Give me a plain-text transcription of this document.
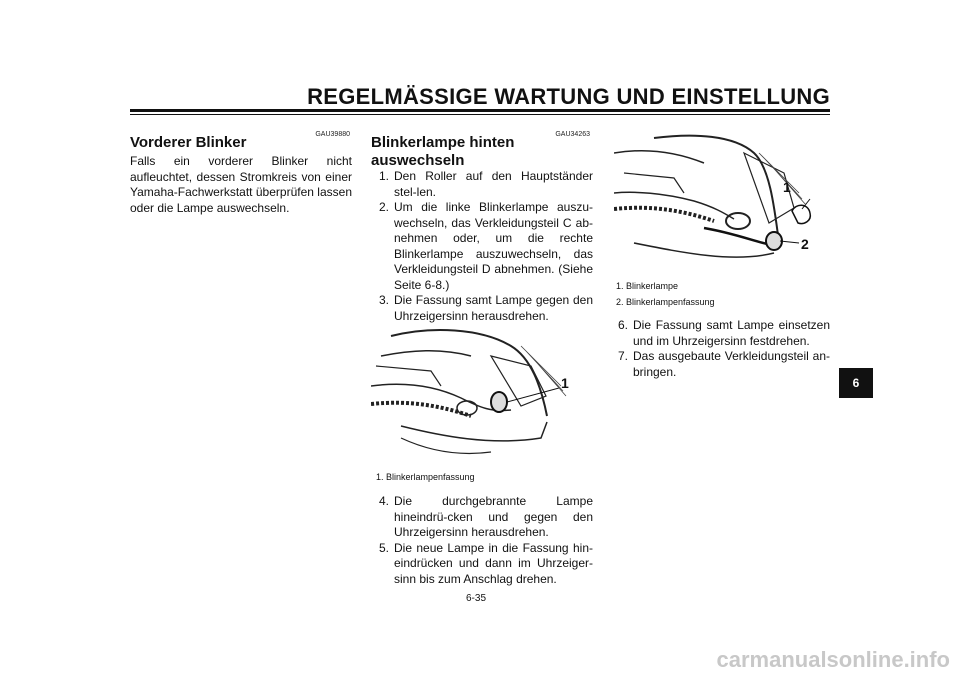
REGELMÄSSIGE WARTUNG UND EINSTELLUNG
GAU39880
Vorderer Blinker
Falls ein vorderer Blinker nicht aufleuchtet, dessen Stromkreis von einer Yamaha-Fachwerkstatt überprüfen lassen oder die Lampe auswechseln.
GAU34263
Blinkerlampe hinten
auswechseln
1. Den Roller auf den Hauptständer stel-len.
2. Um die linke Blinkerlampe auszu-wechseln, das Verkleidungsteil C ab-nehmen oder, um die rechte Blinkerlampe auszuwechseln, das Verkleidungsteil D abnehmen. (Siehe Seite 6-8.)
3. Die Fassung samt Lampe gegen den Uhrzeigersinn herausdrehen.
1
1. Blinkerlampenfassung
4. Die durchgebrannte Lampe hineindrü-cken und gegen den Uhrzeigersinn herausdrehen.
5. Die neue Lampe in die Fassung hin-eindrücken und dann im Uhrzeiger-sinn bis zum Anschlag drehen.
1
2
1. Blinkerlampe
2. Blinkerlampenfassung
6. Die Fassung samt Lampe einsetzen und im Uhrzeigersinn festdrehen.
7. Das ausgebaute Verkleidungsteil an-bringen.
6
6-35
carmanualsonline.info
